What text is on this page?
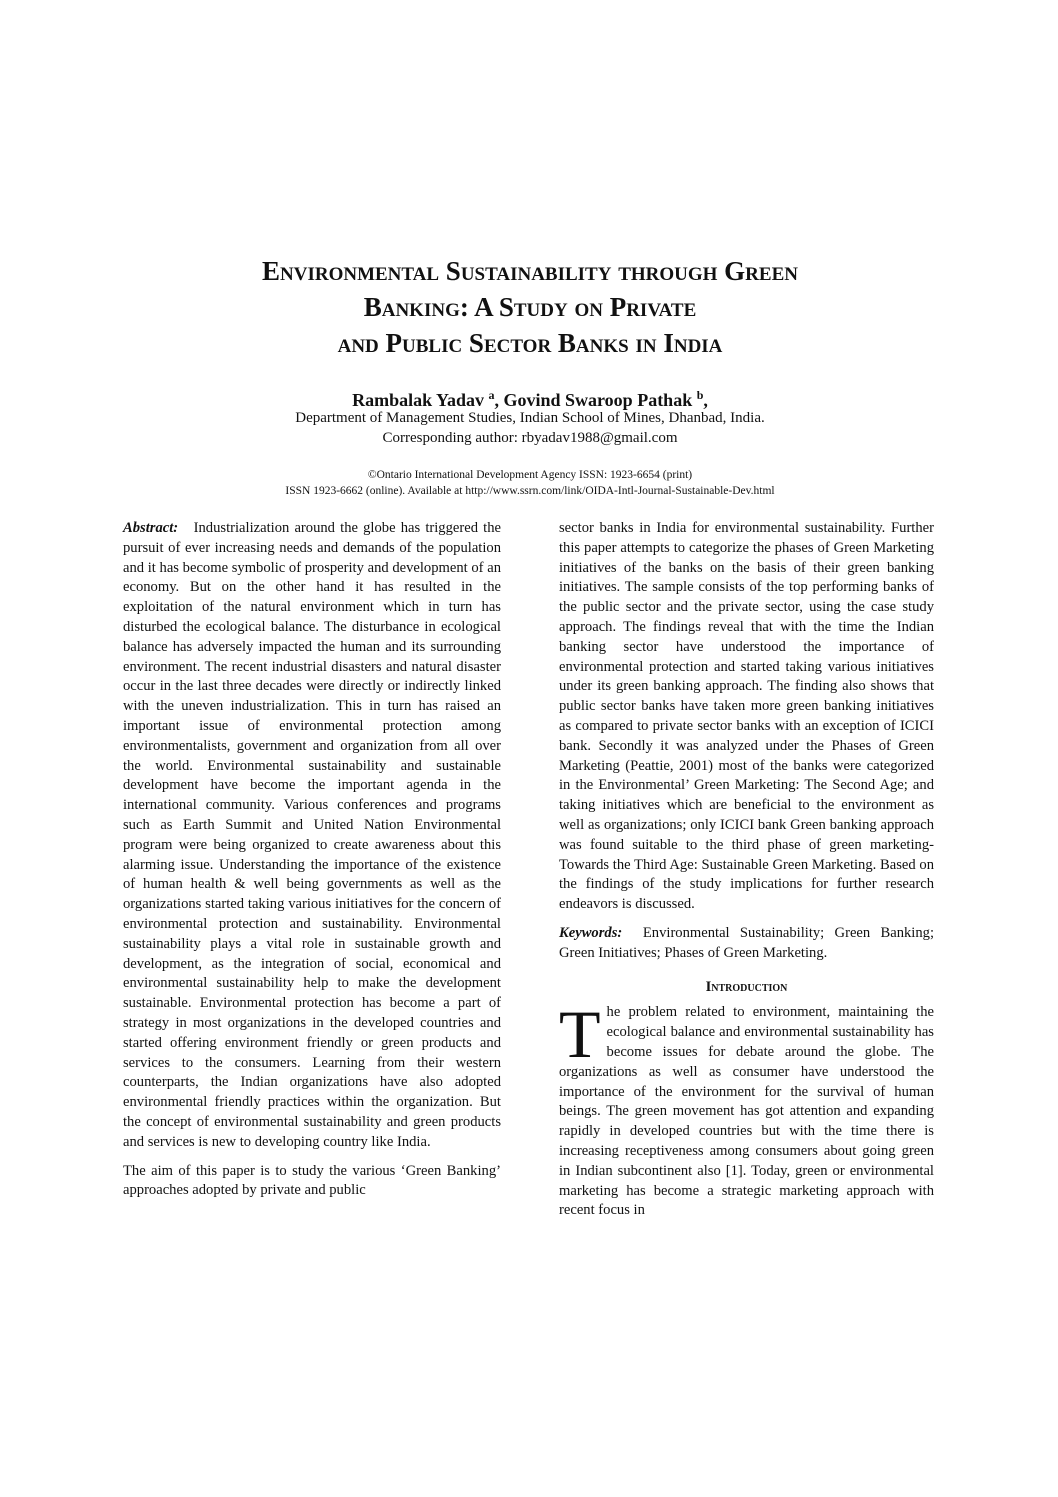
Environmental Sustainability through Green
Banking: A Study on Private
and Public Sector Banks in India
Rambalak Yadav $^a$, Govind Swaroop Pathak $^b$,
Department of Management Studies, Indian School of Mines, Dhanbad, India.
Corresponding author: rbyadav1988@gmail.com
©Ontario International Development Agency ISSN: 1923-6654 (print)
ISSN 1923-6662 (online). Available at http://www.ssrn.com/link/OIDA-Intl-Journal-Sustainable-Dev.html

Abstract: Industrialization around the globe has triggered the pursuit of ever increasing needs and demands of the population and it has become symbolic of prosperity and development of an economy. But on the other hand it has resulted in the exploitation of the natural environment which in turn has disturbed the ecological balance. The disturbance in ecological balance has adversely impacted the human and its surrounding environment. The recent industrial disasters and natural disaster occur in the last three decades were directly or indirectly linked with the uneven industrialization. This in turn has raised an important issue of environmental protection among environmentalists, government and organization from all over the world. Environmental sustainability and sustainable development have become the important agenda in the international community. Various conferences and programs such as Earth Summit and United Nation Environmental program were being organized to create awareness about this alarming issue. Understanding the importance of the existence of human health & well being governments as well as the organizations started taking various initiatives for the concern of environmental protection and sustainability. Environmental sustainability plays a vital role in sustainable growth and development, as the integration of social, economical and environmental sustainability help to make the development sustainable. Environmental protection has become a part of strategy in most organizations in the developed countries and started offering environment friendly or green products and services to the consumers. Learning from their western counterparts, the Indian organizations have also adopted environmental friendly practices within the organization. But the concept of environmental sustainability and green products and services is new to developing country like India.

The aim of this paper is to study the various ‘Green Banking’ approaches adopted by private and public

sector banks in India for environmental sustainability. Further this paper attempts to categorize the phases of Green Marketing initiatives of the banks on the basis of their green banking initiatives. The sample consists of the top performing banks of the public sector and the private sector, using the case study approach. The findings reveal that with the time the Indian banking sector have understood the importance of environmental protection and started taking various initiatives under its green banking approach. The finding also shows that public sector banks have taken more green banking initiatives as compared to private sector banks with an exception of ICICI bank. Secondly it was analyzed under the Phases of Green Marketing (Peattie, 2001) most of the banks were categorized in the Environmental’ Green Marketing: The Second Age; and taking initiatives which are beneficial to the environment as well as organizations; only ICICI bank Green banking approach was found suitable to the third phase of green marketing- Towards the Third Age: Sustainable Green Marketing. Based on the findings of the study implications for further research endeavors is discussed.

Keywords: Environmental Sustainability; Green Banking; Green Initiatives; Phases of Green Marketing.

Introduction

The problem related to environment, maintaining the ecological balance and environmental sustainability has become issues for debate around the globe. The organizations as well as consumer have understood the importance of the environment for the survival of human beings. The green movement has got attention and expanding rapidly in developed countries but with the time there is increasing receptiveness among consumers about going green in Indian subcontinent also [1]. Today, green or environmental marketing has become a strategic marketing approach with recent focus in
